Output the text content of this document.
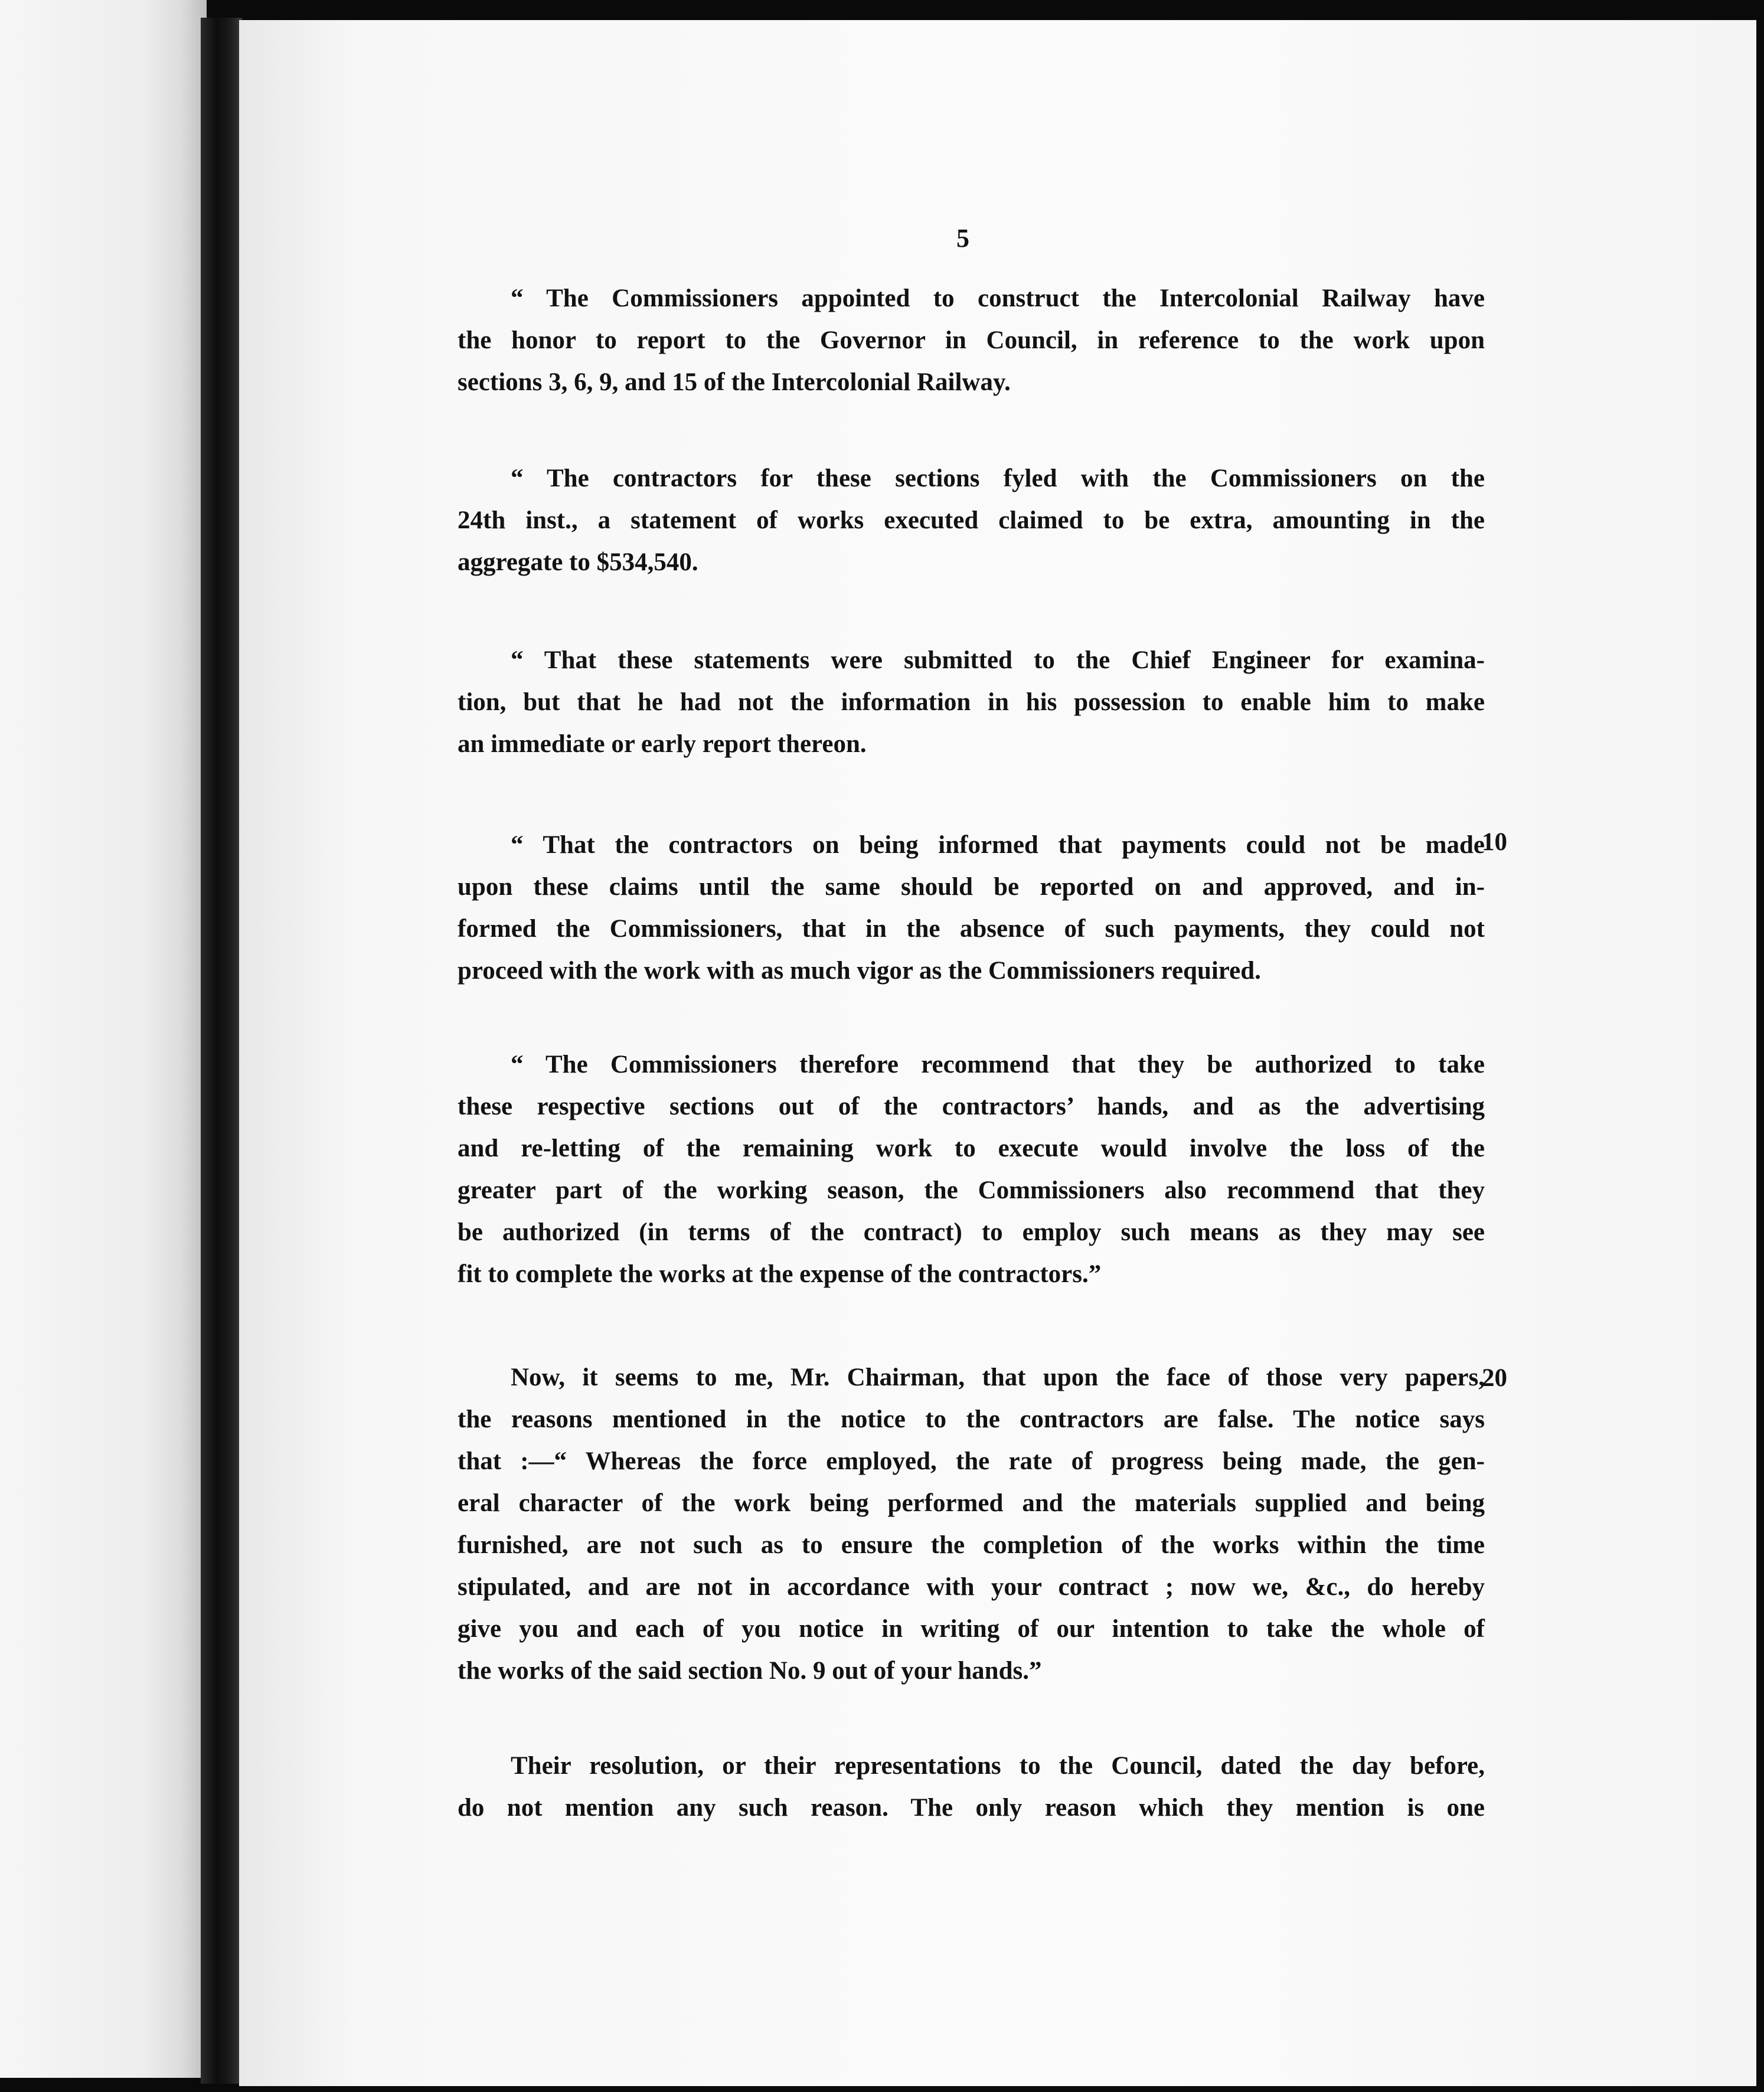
5
“ The Commissioners appointed to construct the Intercolonial Railway have
the honor to report to the Governor in Council, in reference to the work upon
sections 3, 6, 9, and 15 of the Intercolonial Railway.
“ The contractors for these sections fyled with the Commissioners on the
24th inst., a statement of works executed claimed to be extra, amounting in the
aggregate to $534,540.
“ That these statements were submitted to the Chief Engineer for examina-
tion, but that he had not the information in his possession to enable him to make
an immediate or early report thereon.
“ That the contractors on being informed that payments could not be made
upon these claims until the same should be reported on and approved, and in-
formed the Commissioners, that in the absence of such payments, they could not
proceed with the work with as much vigor as the Commissioners required.
10
“ The Commissioners therefore recommend that they be authorized to take
these respective sections out of the contractors’ hands, and as the advertising
and re-letting of the remaining work to execute would involve the loss of the
greater part of the working season, the Commissioners also recommend that they
be authorized (in terms of the contract) to employ such means as they may see
fit to complete the works at the expense of the contractors.”
Now, it seems to me, Mr. Chairman, that upon the face of those very papers,
the reasons mentioned in the notice to the contractors are false. The notice says
that :—“ Whereas the force employed, the rate of progress being made, the gen-
eral character of the work being performed and the materials supplied and being
furnished, are not such as to ensure the completion of the works within the time
stipulated, and are not in accordance with your contract ; now we, &c., do hereby
give you and each of you notice in writing of our intention to take the whole of
the works of the said section No. 9 out of your hands.”
20
Their resolution, or their representations to the Council, dated the day before,
do not mention any such reason. The only reason which they mention is one
